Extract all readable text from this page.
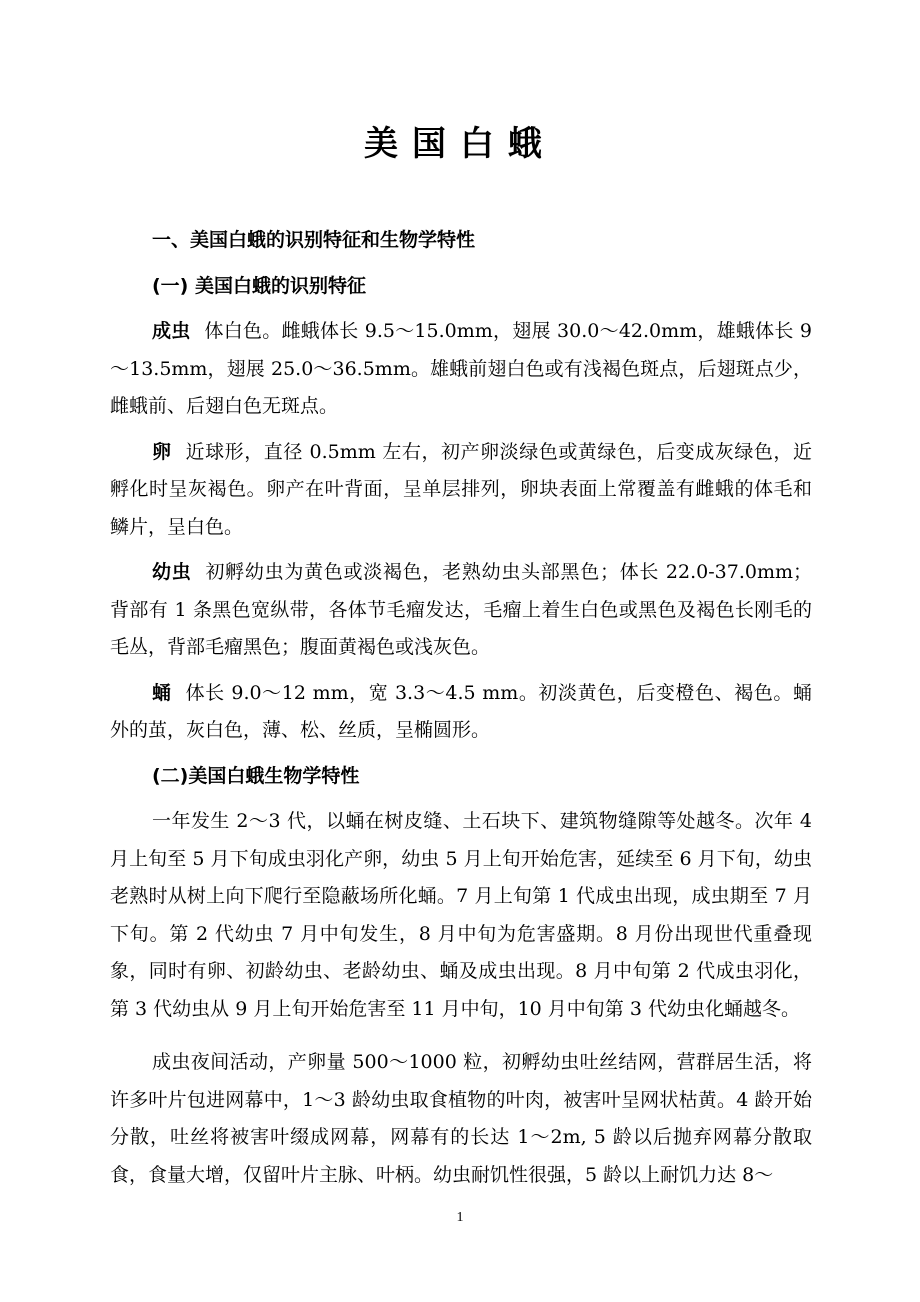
美国白蛾

一、美国白蛾的识别特征和生物学特性

(一) 美国白蛾的识别特征

成虫 体白色。雌蛾体长 9.5～15.0mm，翅展 30.0～42.0mm，雄蛾体长 9～13.5mm，翅展 25.0～36.5mm。雄蛾前翅白色或有浅褐色斑点，后翅斑点少，雌蛾前、后翅白色无斑点。

卵 近球形，直径 0.5mm 左右，初产卵淡绿色或黄绿色，后变成灰绿色，近孵化时呈灰褐色。卵产在叶背面，呈单层排列，卵块表面上常覆盖有雌蛾的体毛和鳞片，呈白色。

幼虫 初孵幼虫为黄色或淡褐色，老熟幼虫头部黑色；体长 22.0-37.0mm；背部有 1 条黑色宽纵带，各体节毛瘤发达，毛瘤上着生白色或黑色及褐色长刚毛的毛丛，背部毛瘤黑色；腹面黄褐色或浅灰色。

蛹 体长 9.0～12 mm，宽 3.3～4.5 mm。初淡黄色，后变橙色、褐色。蛹外的茧，灰白色，薄、松、丝质，呈椭圆形。

(二)美国白蛾生物学特性

一年发生 2～3 代，以蛹在树皮缝、土石块下、建筑物缝隙等处越冬。次年 4 月上旬至 5 月下旬成虫羽化产卵，幼虫 5 月上旬开始危害，延续至 6 月下旬，幼虫老熟时从树上向下爬行至隐蔽场所化蛹。7 月上旬第 1 代成虫出现，成虫期至 7 月下旬。第 2 代幼虫 7 月中旬发生，8 月中旬为危害盛期。8 月份出现世代重叠现象，同时有卵、初龄幼虫、老龄幼虫、蛹及成虫出现。8 月中旬第 2 代成虫羽化，第 3 代幼虫从 9 月上旬开始危害至 11 月中旬，10 月中旬第 3 代幼虫化蛹越冬。

成虫夜间活动，产卵量 500～1000 粒，初孵幼虫吐丝结网，营群居生活，将许多叶片包进网幕中，1～3 龄幼虫取食植物的叶肉，被害叶呈网状枯黄。4 龄开始分散，吐丝将被害叶缀成网幕，网幕有的长达 1～2m, 5 龄以后抛弃网幕分散取食，食量大增，仅留叶片主脉、叶柄。幼虫耐饥性很强，5 龄以上耐饥力达 8～

1
